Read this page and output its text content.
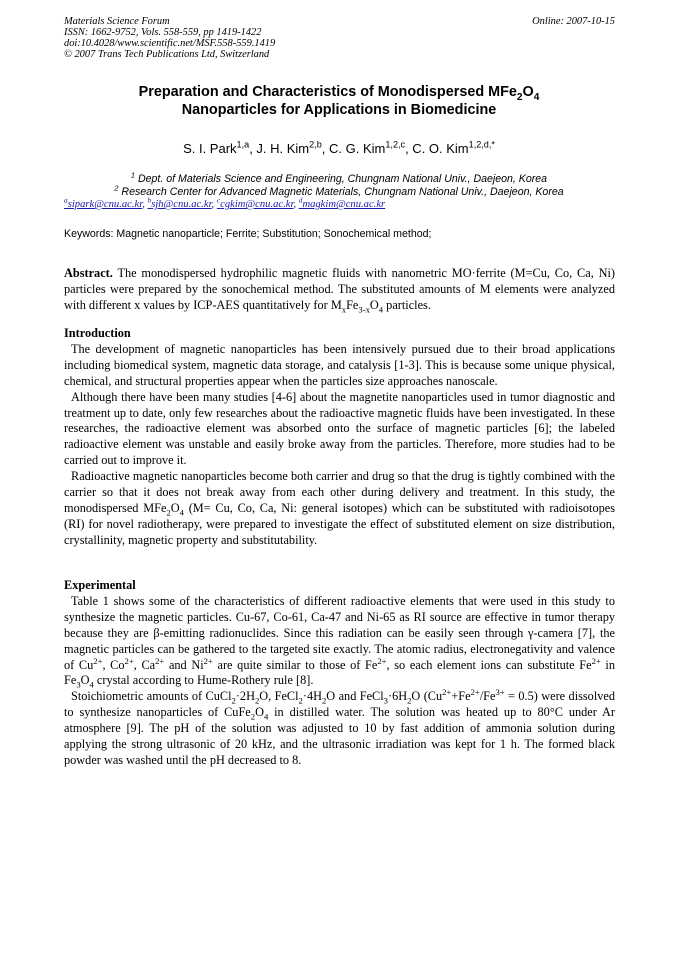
Materials Science Forum
ISSN: 1662-9752, Vols. 558-559, pp 1419-1422
doi:10.4028/www.scientific.net/MSF.558-559.1419
© 2007 Trans Tech Publications Ltd, Switzerland
Online: 2007-10-15
Preparation and Characteristics of Monodispersed $MFe_2O_4$
Nanoparticles for Applications in Biomedicine
S. I. Park$^{1,a}$, J. H. Kim$^{2,b}$, C. G. Kim$^{1,2,c}$, C. O. Kim$^{1,2,d,*}$
$^1$ Dept. of Materials Science and Engineering, Chungnam National Univ., Daejeon, Korea
$^2$ Research Center for Advanced Magnetic Materials, Chungnam National Univ., Daejeon, Korea
$^a$sipark@cnu.ac.kr, $^b$sjh@cnu.ac.kr, $^c$cgkim@cnu.ac.kr, $^d$magkim@cnu.ac.kr
Keywords: Magnetic nanoparticle; Ferrite; Substitution; Sonochemical method;
Abstract. The monodispersed hydrophilic magnetic fluids with nanometric MO·ferrite (M=Cu, Co, Ca, Ni) particles were prepared by the sonochemical method. The substituted amounts of M elements were analyzed with different x values by ICP-AES quantitatively for $M_xFe_{3-x}O_4$ particles.
Introduction

The development of magnetic nanoparticles has been intensively pursued due to their broad applications including biomedical system, magnetic data storage, and catalysis [1-3]. This is because some unique physical, chemical, and structural properties appear when the particles size approaches nanoscale.

Although there have been many studies [4-6] about the magnetite nanoparticles used in tumor diagnostic and treatment up to date, only few researches about the radioactive magnetic fluids have been investigated. In these researches, the radioactive element was absorbed onto the surface of magnetic particles [6]; the labeled radioactive element was unstable and easily broke away from the particles. Therefore, more studies had to be carried out to improve it.

Radioactive magnetic nanoparticles become both carrier and drug so that the drug is tightly combined with the carrier so that it does not break away from each other during delivery and treatment. In this study, the monodispersed $MFe_2O_4$ (M= Cu, Co, Ca, Ni: general isotopes) which can be substituted with radioisotopes (RI) for novel radiotherapy, were prepared to investigate the effect of substituted element on size distribution, crystallinity, magnetic property and substitutability.

Experimental

Table 1 shows some of the characteristics of different radioactive elements that were used in this study to synthesize the magnetic particles. Cu-67, Co-61, Ca-47 and Ni-65 as RI source are effective in tumor therapy because they are β-emitting radionuclides. Since this radiation can be easily seen through γ-camera [7], the magnetic particles can be gathered to the targeted site exactly. The atomic radius, electronegativity and valence of $Cu^{2+}$, $Co^{2+}$, $Ca^{2+}$ and $Ni^{2+}$ are quite similar to those of $Fe^{2+}$, so each element ions can substitute $Fe^{2+}$ in $Fe_3O_4$ crystal according to Hume-Rothery rule [8].

Stoichiometric amounts of $CuCl_2\cdot 2H_2O$, $FeCl_2\cdot 4H_2O$ and $FeCl_3\cdot 6H_2O$ $(Cu^{2+}+Fe^{2+}/Fe^{3+} = 0.5)$ were dissolved to synthesize nanoparticles of $CuFe_2O_4$ in distilled water. The solution was heated up to 80°C under Ar atmosphere [9]. The pH of the solution was adjusted to 10 by fast addition of ammonia solution during applying the strong ultrasonic of 20 kHz, and the ultrasonic irradiation was kept for 1 h. The formed black powder was washed until the pH decreased to 8.
